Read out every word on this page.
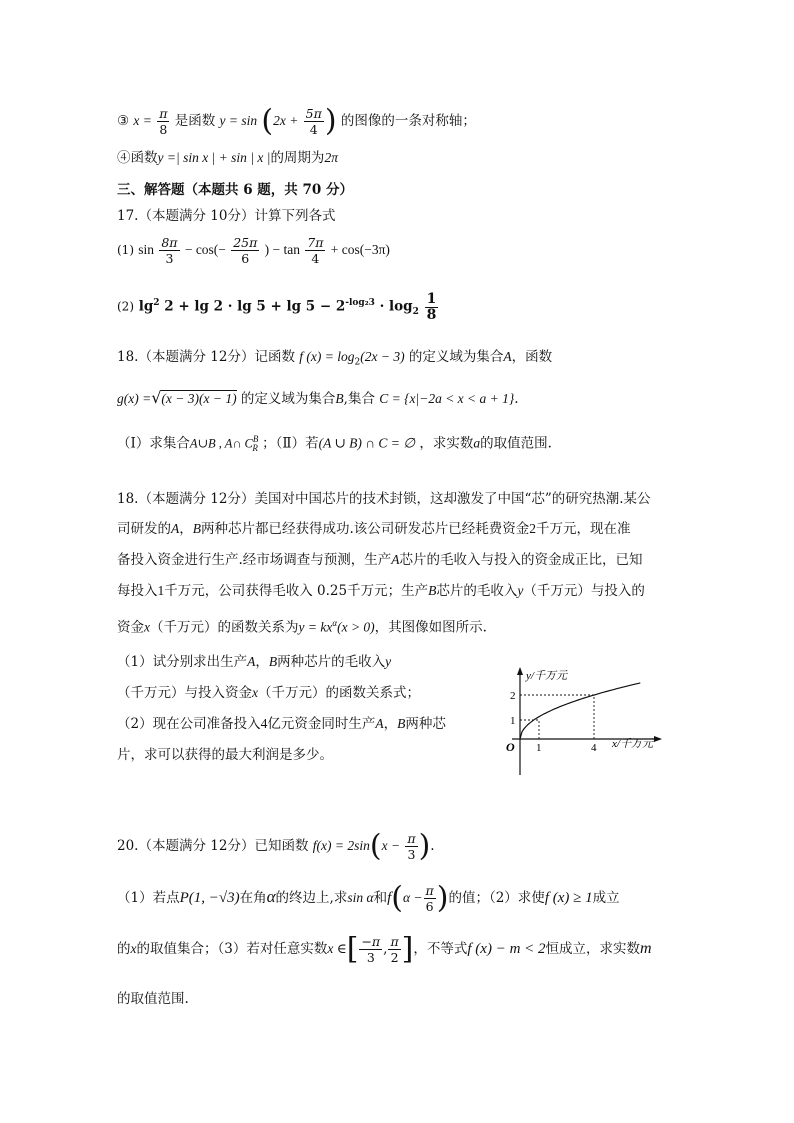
③ $x = \frac{\pi}{8}$ 是函数 $y = \sin (2x + \frac{5\pi}{4}$ ) 的图像的一条对称轴；
④函数y =| sin x | + sin | x |的周期为2π
三、解答题（本题共 6 题，共 70 分）
17.（本题满分 10分）计算下列各式
(1) $\sin \frac{8\pi}{3} - \cos(- \frac{25\pi}{6}$ ) − $\tan \frac{7\pi}{4} + \cos(-3\pi)$
(2) $\lg^2 2 + \lg 2 \cdot \lg 5 + \lg 5 - 2^{-log_23} \cdot \log_2 \frac{1}{8}$
18.（本题满分 12分）记函数 f $(x) = \log_2(2x - 3)$ 的定义域为集合A，函数
g(x) =√(x − 3)(x − 1) 的定义域为集合B,集合 C = {x|−2a < x < a + 1}.
（Ⅰ）求集合A∪B , A∩ $C^B_R$ ；（Ⅱ）若(A ∪ B) ∩ C = ∅ ，求实数a的取值范围.
18.（本题满分 12分）美国对中国芯片的技术封锁，这却激发了中国“芯”的研究热潮.某公
司研发的A，B两种芯片都已经获得成功.该公司研发芯片已经耗费资金2千万元，现在准
备投入资金进行生产.经市场调查与预测，生产A芯片的毛收入与投入的资金成正比，已知
每投入1千万元，公司获得毛收入 0.25千万元；生产B芯片的毛收入y（千万元）与投入的
资金x（千万元）的函数关系为$y = kx^\alpha(x > 0)$，其图像如图所示.
（1）试分别求出生产A，B两种芯片的毛收入y
（千万元）与投入资金x（千万元）的函数关系式；
（2）现在公司准备投入4亿元资金同时生产A，B两种芯
片，求可以获得的最大利润是多少。
y/千万元
x/千万元
O 1	4
1
2
20.（本题满分 12分）已知函数 $f(x) = 2\sin(x - \frac{\pi}{3}$ ).
（1）若点P(1, −√3)在角α的终边上,求sin α和$f(\alpha - \frac{\pi}{6}$ )的值；（2）求使f (x) ≥ 1成立
的x的取值集合；（3）若对任意实数x ∈[ $\frac{-\pi}{3}$ , $\frac{\pi}{2}$ ]，不等式f (x) − m < 2恒成立，求实数m
的取值范围.
